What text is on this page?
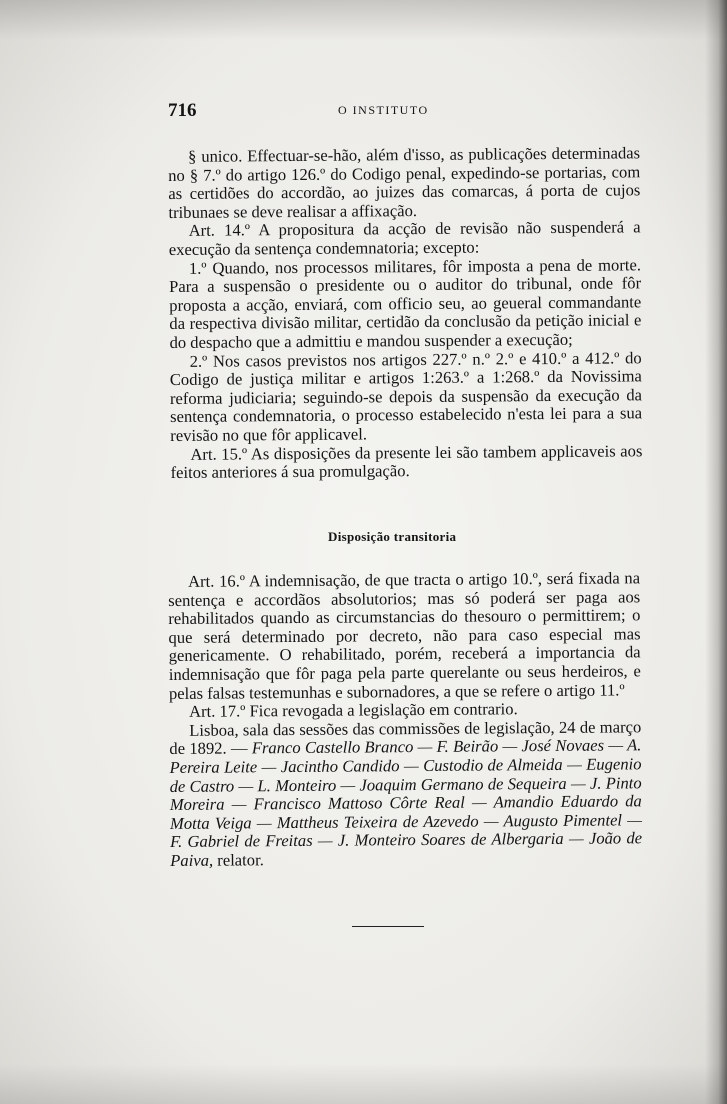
716	O INSTITUTO

§ unico. Effectuar-se-hão, além d'isso, as publicações determinadas no § 7.º do artigo 126.º do Codigo penal, expedindo-se portarias, com as certidões do accordão, ao juizes das comarcas, á porta de cujos tribunaes se deve realisar a affixação.

Art. 14.º A propositura da acção de revisão não suspenderá a execução da sentença condemnatoria; excepto:

1.º Quando, nos processos militares, fôr imposta a pena de morte. Para a suspensão o presidente ou o auditor do tribunal, onde fôr proposta a acção, enviará, com officio seu, ao geueral commandante da respectiva divisão militar, certidão da conclusão da petição inicial e do despacho que a admittiu e mandou suspender a execução;

2.º Nos casos previstos nos artigos 227.º n.º 2.º e 410.º a 412.º do Codigo de justiça militar e artigos 1:263.º a 1:268.º da Novissima reforma judiciaria; seguindo-se depois da suspensão da execução da sentença condemnatoria, o processo estabelecido n'esta lei para a sua revisão no que fôr applicavel.

Art. 15.º As disposições da presente lei são tambem applicaveis aos feitos anteriores á sua promulgação.

Disposição transitoria

Art. 16.º A indemnisação, de que tracta o artigo 10.º, será fixada na sentença e accordãos absolutorios; mas só poderá ser paga aos rehabilitados quando as circumstancias do thesouro o permittirem; o que será determinado por decreto, não para caso especial mas genericamente. O rehabilitado, porém, receberá a importancia da indemnisação que fôr paga pela parte querelante ou seus herdeiros, e pelas falsas testemunhas e subornadores, a que se refere o artigo 11.º

Art. 17.º Fica revogada a legislação em contrario.

Lisboa, sala das sessões das commissões de legislação, 24 de março de 1892. — Franco Castello Branco — F. Beirão — José Novaes — A. Pereira Leite — Jacintho Candido — Custodio de Almeida — Eugenio de Castro — L. Monteiro — Joaquim Germano de Sequeira — J. Pinto Moreira — Francisco Mattoso Côrte Real — Amandio Eduardo da Motta Veiga — Mattheus Teixeira de Azevedo — Augusto Pimentel — F. Gabriel de Freitas — J. Monteiro Soares de Albergaria — João de Paiva, relator.
